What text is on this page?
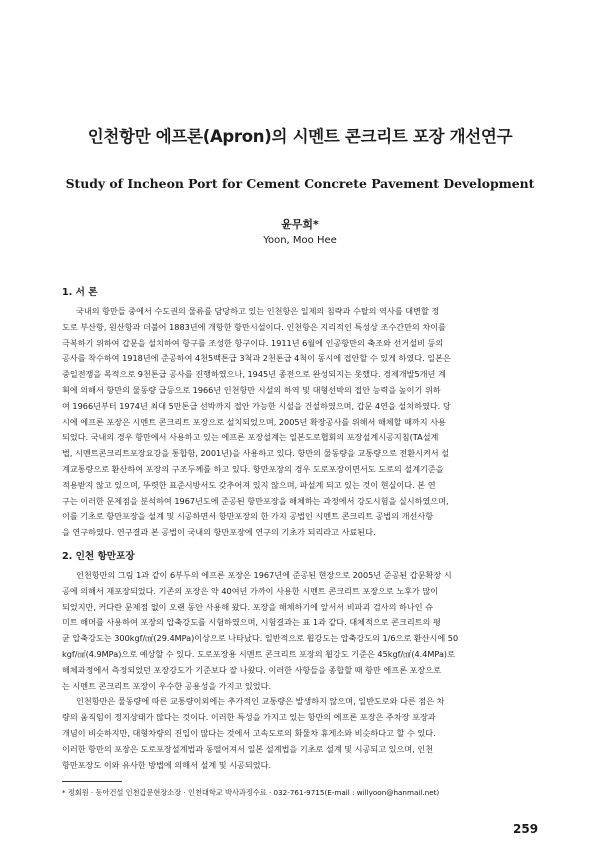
인천항만 에프론(Apron)의 시멘트 콘크리트 포장 개선연구
Study of Incheon Port for Cement Concrete Pavement Development
윤무희*
Yoon, Moo Hee
1. 서 론
국내의 항만들 중에서 수도권의 물류를 담당하고 있는 인천항은 일제의 침략과 수탈의 역사를 대변할 정
도로 부산항, 원산항과 더불어 1883년에 개항한 항만시설이다. 인천항은 지리적인 특성상 조수간만의 차이를
극복하기 위하여 갑문을 설치하여 항구를 조성한 항구이다. 1911년 6월에 인공항만의 축조와 선거설비 등의
공사를 착수하여 1918년에 준공하여 4천5백톤급 3척과 2천톤급 4척이 동시에 접안할 수 있게 하였다. 일본은
중일전쟁을 목적으로 9천톤급 공사를 진행하였으나, 1945년 종전으로 완성되지는 못했다. 경제개발5개년 계
획에 의해서 항만의 물동량 급등으로 1966년 인천항만 시설의 하역 및 대형선박의 접안 능력을 높이기 위하
여 1966년부터 1974년 최대 5만톤급 선박까지 접안 가능한 시설을 건설하였으며, 갑문 4연을 설치하였다. 당
시에 에프론 포장은 시멘트 콘크리트 포장으로 설치되었으며, 2005년 확장공사를 위해서 해체할 때까지 사용
되었다. 국내의 경우 항만에서 사용하고 있는 에프론 포장설계는 일본도로협회의 포장설계시공지침(TA설계
법, 시멘트콘크리트포장요강을 통합함, 2001년)을 사용하고 있다. 항만의 물동량을 교통량으로 전환시켜서 설
계교통량으로 환산하여 포장의 구조두께를 하고 있다. 항만포장의 경우 도로포장이면서도 도로의 설계기준을
적용받지 않고 있으며, 뚜렷한 표준시방서도 갖추어져 있지 않으며, 파설계 되고 있는 것이 현실이다. 본 연
구는 이러한 문제점을 분석하여 1967년도에 준공된 항만포장을 해체하는 과정에서 강도시험을 실시하였으며,
이를 기초로 항만포장을 설계 및 시공하면서 항만포장의 한 가지 공법인 시멘트 콘크리트 공법의 개선사항
을 연구하였다. 연구결과 본 공법이 국내의 항만포장에 연구의 기초가 되리라고 사료된다.
2. 인천 항만포장
인천항만의 그림 1과 같이 6부두의 에프론 포장은 1967년에 준공된 현장으로 2005년 준공된 갑문확장 시
공에 의해서 재포장되었다. 기존의 포장은 약 40여년 가까이 사용한 시멘트 콘크리트 포장으로 노후가 많이
되었지만, 커다란 문제점 없이 오랜 동안 사용해 왔다. 포장을 해체하기에 앞서서 비파괴 검사의 하나인 슈
미트 해머를 사용하여 포장의 압축강도를 시험하였으며, 시험결과는 표 1과 같다. 대체적으로 콘크리트의 평
균 압축강도는 300kgf/㎠(29.4MPa)이상으로 나타났다. 일반적으로 휨강도는 압축강도의 1/6으로 환산시에 50
kgf/㎠(4.9MPa)으로 예상할 수 있다. 도로포장용 시멘트 콘크리트 포장의 휨강도 기준은 45kgf/㎠(4.4MPa)로
해체과정에서 측정되었던 포장강도가 기준보다 잘 나왔다. 이러한 사항들을 종합할 때 항만 에프론 포장으로
는 시멘트 콘크리트 포장이 우수한 공용성을 가지고 있었다.
인천항만은 물동량에 따른 교통량이외에는 추가적인 교통량은 발생하지 않으며, 일반도로와 다른 점은 차
량의 움직임이 정지상태가 많다는 것이다. 이러한 특성을 가지고 있는 항만의 에프론 포장은 주차장 포장과
개념이 비슷하지만, 대형차량의 진입이 많다는 것에서 고속도로의 화물차 휴게소와 비슷하다고 할 수 있다.
이러한 항만의 포장은 도로포장설계법과 동떨어져서 일본 설계법을 기초로 설계 및 시공되고 있으며, 인천
항만포장도 이와 유사한 방법에 의해서 설계 및 시공되었다.
* 정회원 · 동아건설 인천갑문현장소장 · 인천대학교 박사과정수료 · 032-761-9715(E-mail : willyoon@hanmail.net)
259
